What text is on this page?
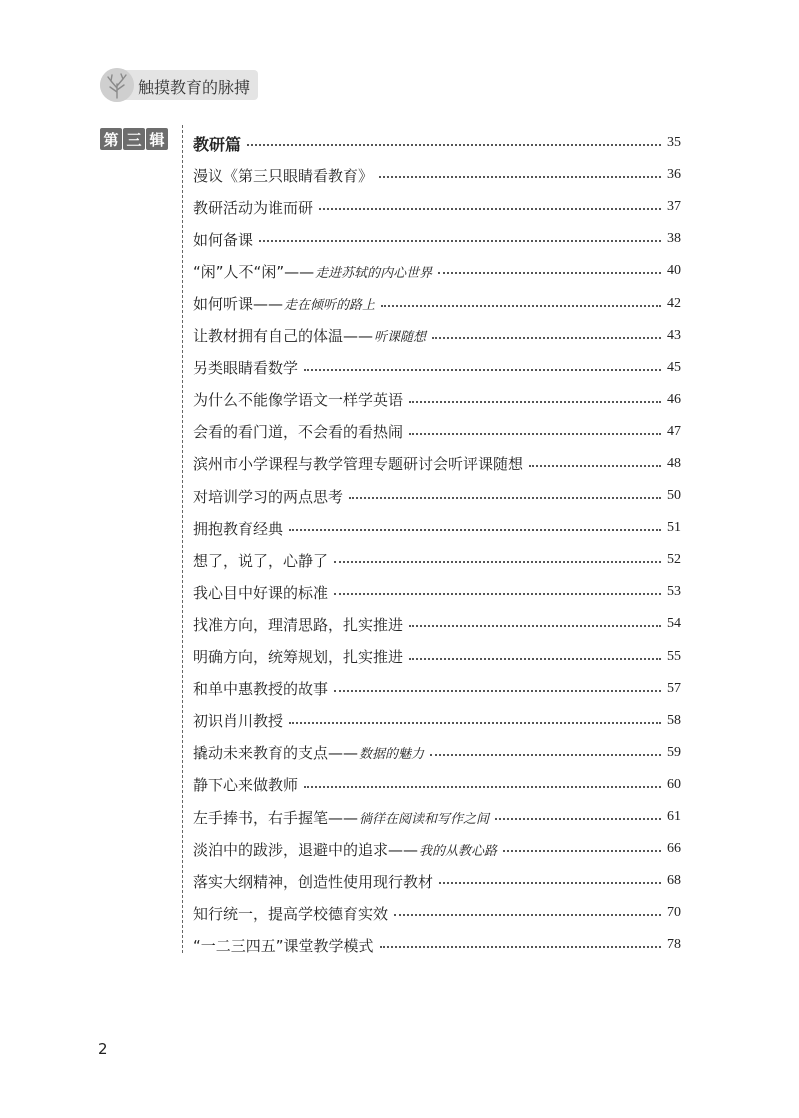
触摸教育的脉搏
第 三 辑 教研篇	35
漫议《第三只眼睛看教育》	36
教研活动为谁而研	37
如何备课	38
“闲”人不“闲”—— 走进苏轼的内心世界	40
如何听课—— 走在倾听的路上	42
让教材拥有自己的体温—— 听课随想	43
另类眼睛看数学	45
为什么不能像学语文一样学英语	46
会看的看门道，不会看的看热闹	47
滨州市小学课程与教学管理专题研讨会听评课随想	48
对培训学习的两点思考	50
拥抱教育经典	51
想了，说了，心静了	52
我心目中好课的标准	53
找准方向，理清思路，扎实推进	54
明确方向，统筹规划，扎实推进	55
和单中惠教授的故事	57
初识肖川教授	58
撬动未来教育的支点—— 数据的魅力	59
静下心来做教师	60
左手捧书，右手握笔—— 徜徉在阅读和写作之间	61
淡泊中的跋涉，退避中的追求—— 我的从教心路	66
落实大纲精神，创造性使用现行教材	68
知行统一，提高学校德育实效	70
“一二三四五”课堂教学模式	78
2
